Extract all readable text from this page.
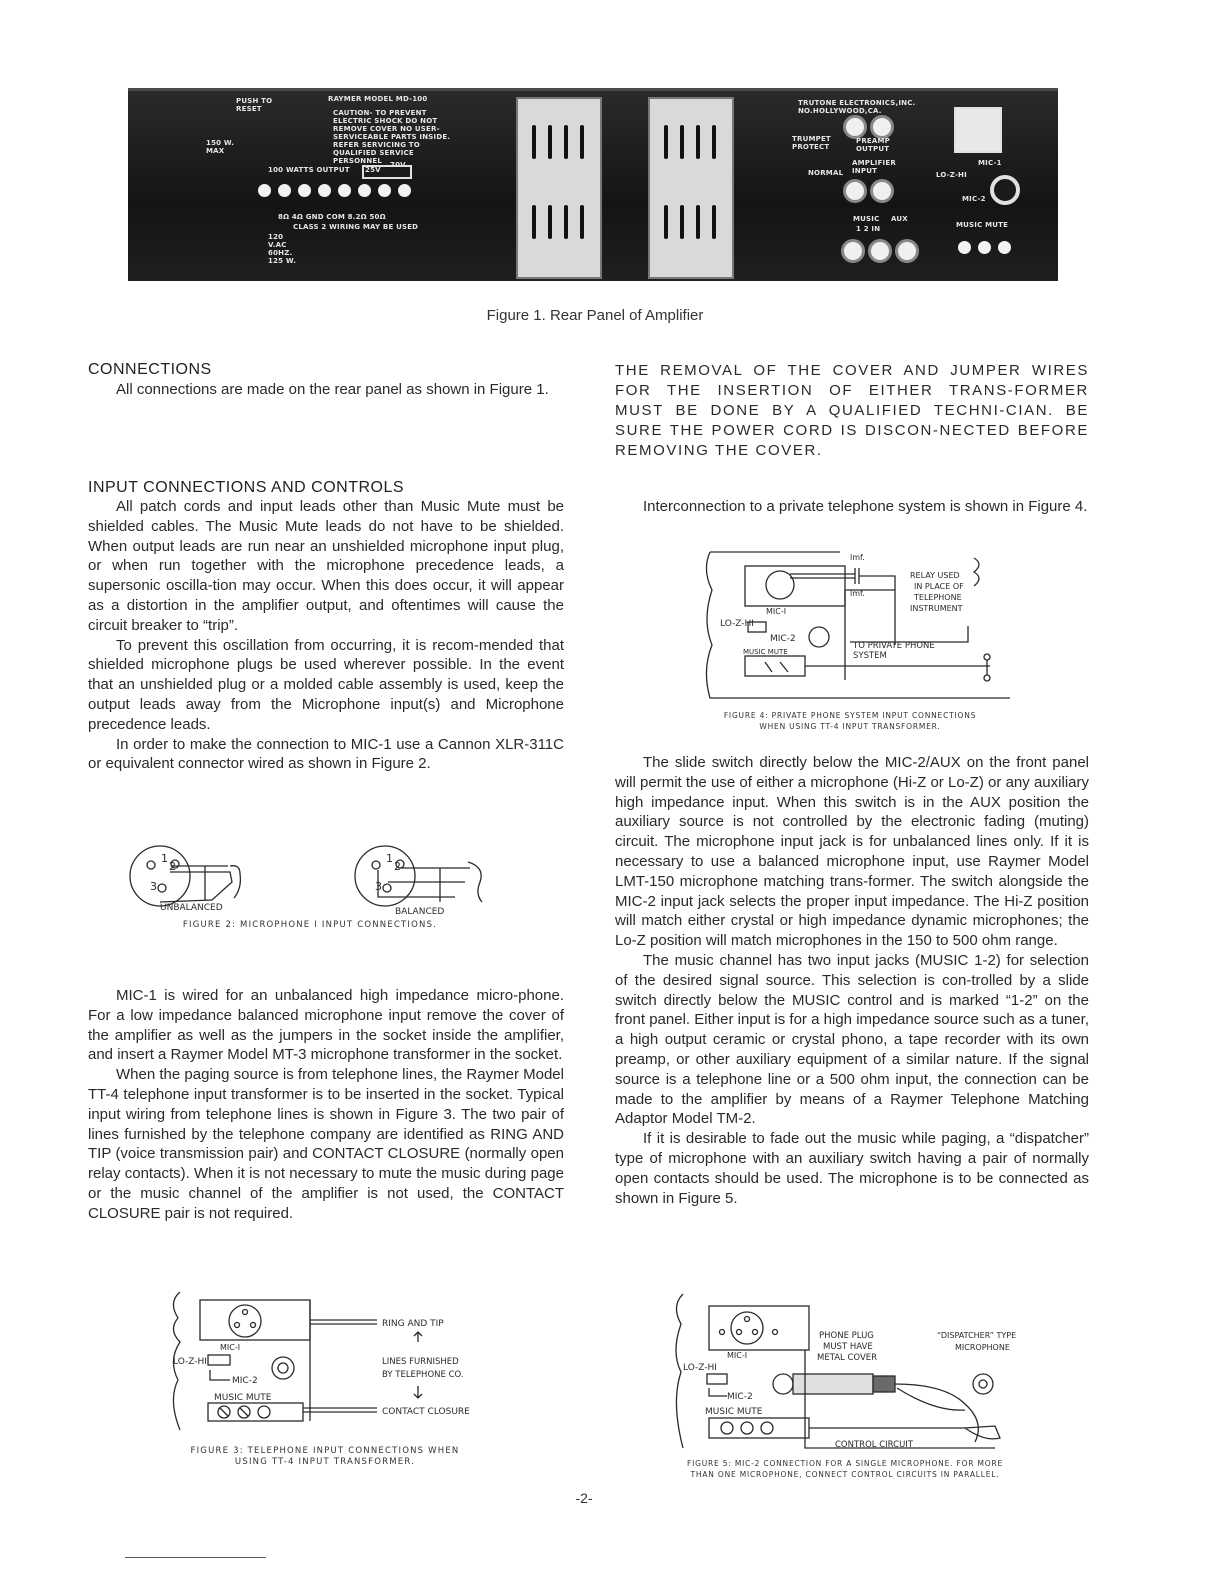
PUSH TO RESET
RAYMER MODEL MD-100
CAUTION- TO PREVENT ELECTRIC SHOCK DO NOT REMOVE COVER NO USER-SERVICEABLE PARTS INSIDE. REFER SERVICING TO QUALIFIED SERVICE PERSONNEL
150 W. MAX
100 WATTS OUTPUT	25V
70V
8Ω 4Ω GND COM 8.2Ω 50Ω
CLASS 2 WIRING MAY BE USED
120 V.AC 60HZ. 125 W.
TRUTONE ELECTRONICS,INC. NO.HOLLYWOOD,CA.
TRUMPET PROTECT
NORMAL
PREAMP OUTPUT
AMPLIFIER INPUT
MIC-1
LO-Z-HI
MIC-2
MUSIC AUX
1 2 IN	MUSIC MUTE
Figure 1. Rear Panel of Amplifier
CONNECTIONS

All connections are made on the rear panel as shown in Figure 1.

INPUT CONNECTIONS AND CONTROLS

All patch cords and input leads other than Music Mute must be shielded cables. The Music Mute leads do not have to be shielded. When output leads are run near an unshielded microphone input plug, or when run together with the microphone precedence leads, a supersonic oscilla-tion may occur. When this does occur, it will appear as a distortion in the amplifier output, and oftentimes will cause the circuit breaker to “trip”.

To prevent this oscillation from occurring, it is recom-mended that shielded microphone plugs be used wherever possible. In the event that an unshielded plug or a molded cable assembly is used, keep the output leads away from the Microphone input(s) and Microphone precedence leads.

In order to make the connection to MIC-1 use a Cannon XLR-311C or equivalent connector wired as shown in Figure 2.

1
2
3
1
2
3
UNBALANCED	BALANCED
FIGURE 2: MICROPHONE I INPUT CONNECTIONS.

MIC-1 is wired for an unbalanced high impedance micro-phone. For a low impedance balanced microphone input remove the cover of the amplifier as well as the jumpers in the socket inside the amplifier, and insert a Raymer Model MT-3 microphone transformer in the socket.

When the paging source is from telephone lines, the Raymer Model TT-4 telephone input transformer is to be inserted in the socket. Typical input wiring from telephone lines is shown in Figure 3. The two pair of lines furnished by the telephone company are identified as RING AND TIP (voice transmission pair) and CONTACT CLOSURE (normally open relay contacts). When it is not necessary to mute the music during page or the music channel of the amplifier is not used, the CONTACT CLOSURE pair is not required.

MIC-I
LO-Z-HI
MIC-2
MUSIC MUTE
RING AND TIP
LINES FURNISHED
BY TELEPHONE CO.
CONTACT CLOSURE
FIGURE 3: TELEPHONE INPUT CONNECTIONS WHEN
USING TT-4 INPUT TRANSFORMER.
THE REMOVAL OF THE COVER AND JUMPER WIRES FOR THE INSERTION OF EITHER TRANS-FORMER MUST BE DONE BY A QUALIFIED TECHNI-CIAN. BE SURE THE POWER CORD IS DISCON-NECTED BEFORE REMOVING THE COVER.

Interconnection to a private telephone system is shown in Figure 4.

lmf.
lmf.
RELAY USED
IN PLACE OF
TELEPHONE
INSTRUMENT
MIC-I
LO-Z-HI
MIC-2
MUSIC MUTE
TO PRIVATE PHONE
SYSTEM
FIGURE 4: PRIVATE PHONE SYSTEM INPUT CONNECTIONS
WHEN USING TT-4 INPUT TRANSFORMER.

The slide switch directly below the MIC-2/AUX on the front panel will permit the use of either a microphone (Hi-Z or Lo-Z) or any auxiliary high impedance input. When this switch is in the AUX position the auxiliary source is not controlled by the electronic fading (muting) circuit. The microphone input jack is for unbalanced lines only. If it is necessary to use a balanced microphone input, use Raymer Model LMT-150 microphone matching trans-former. The switch alongside the MIC-2 input jack selects the proper input impedance. The Hi-Z position will match either crystal or high impedance dynamic microphones; the Lo-Z position will match microphones in the 150 to 500 ohm range.

The music channel has two input jacks (MUSIC 1-2) for selection of the desired signal source. This selection is con-trolled by a slide switch directly below the MUSIC control and is marked “1-2” on the front panel. Either input is for a high impedance source such as a tuner, a high output ceramic or crystal phono, a tape recorder with its own preamp, or other auxiliary equipment of a similar nature. If the signal source is a telephone line or a 500 ohm input, the connection can be made to the amplifier by means of a Raymer Telephone Matching Adaptor Model TM-2.

If it is desirable to fade out the music while paging, a “dispatcher” type of microphone with an auxiliary switch having a pair of normally open contacts should be used. The microphone is to be connected as shown in Figure 5.

MIC-I
LO-Z-HI
MIC-2
MUSIC MUTE
PHONE PLUG
MUST HAVE
METAL COVER
“DISPATCHER” TYPE
MICROPHONE
CONTROL CIRCUIT
FIGURE 5: MIC-2 CONNECTION FOR A SINGLE MICROPHONE. FOR MORE
THAN ONE MICROPHONE, CONNECT CONTROL CIRCUITS IN PARALLEL.
-2-
